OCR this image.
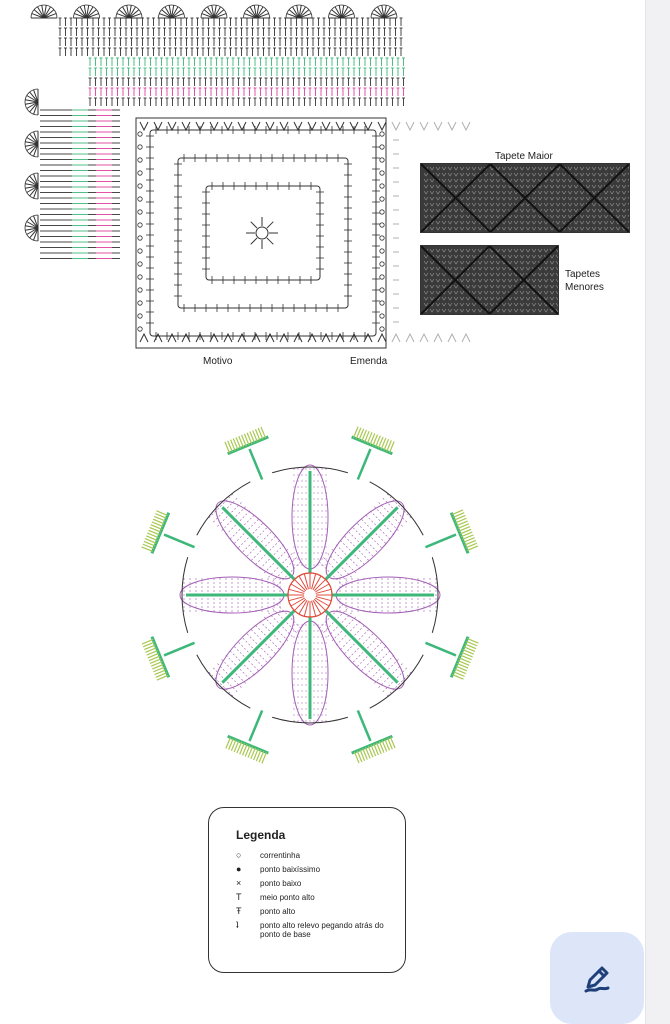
Motivo	Emenda
Tapete Maior
Tapetes
Menores
Legenda
○	correntinha
●	ponto baixíssimo
×	ponto baixo
T	meio ponto alto
Ŧ	ponto alto
ʇ	ponto alto relevo pegando atrás do ponto de base
